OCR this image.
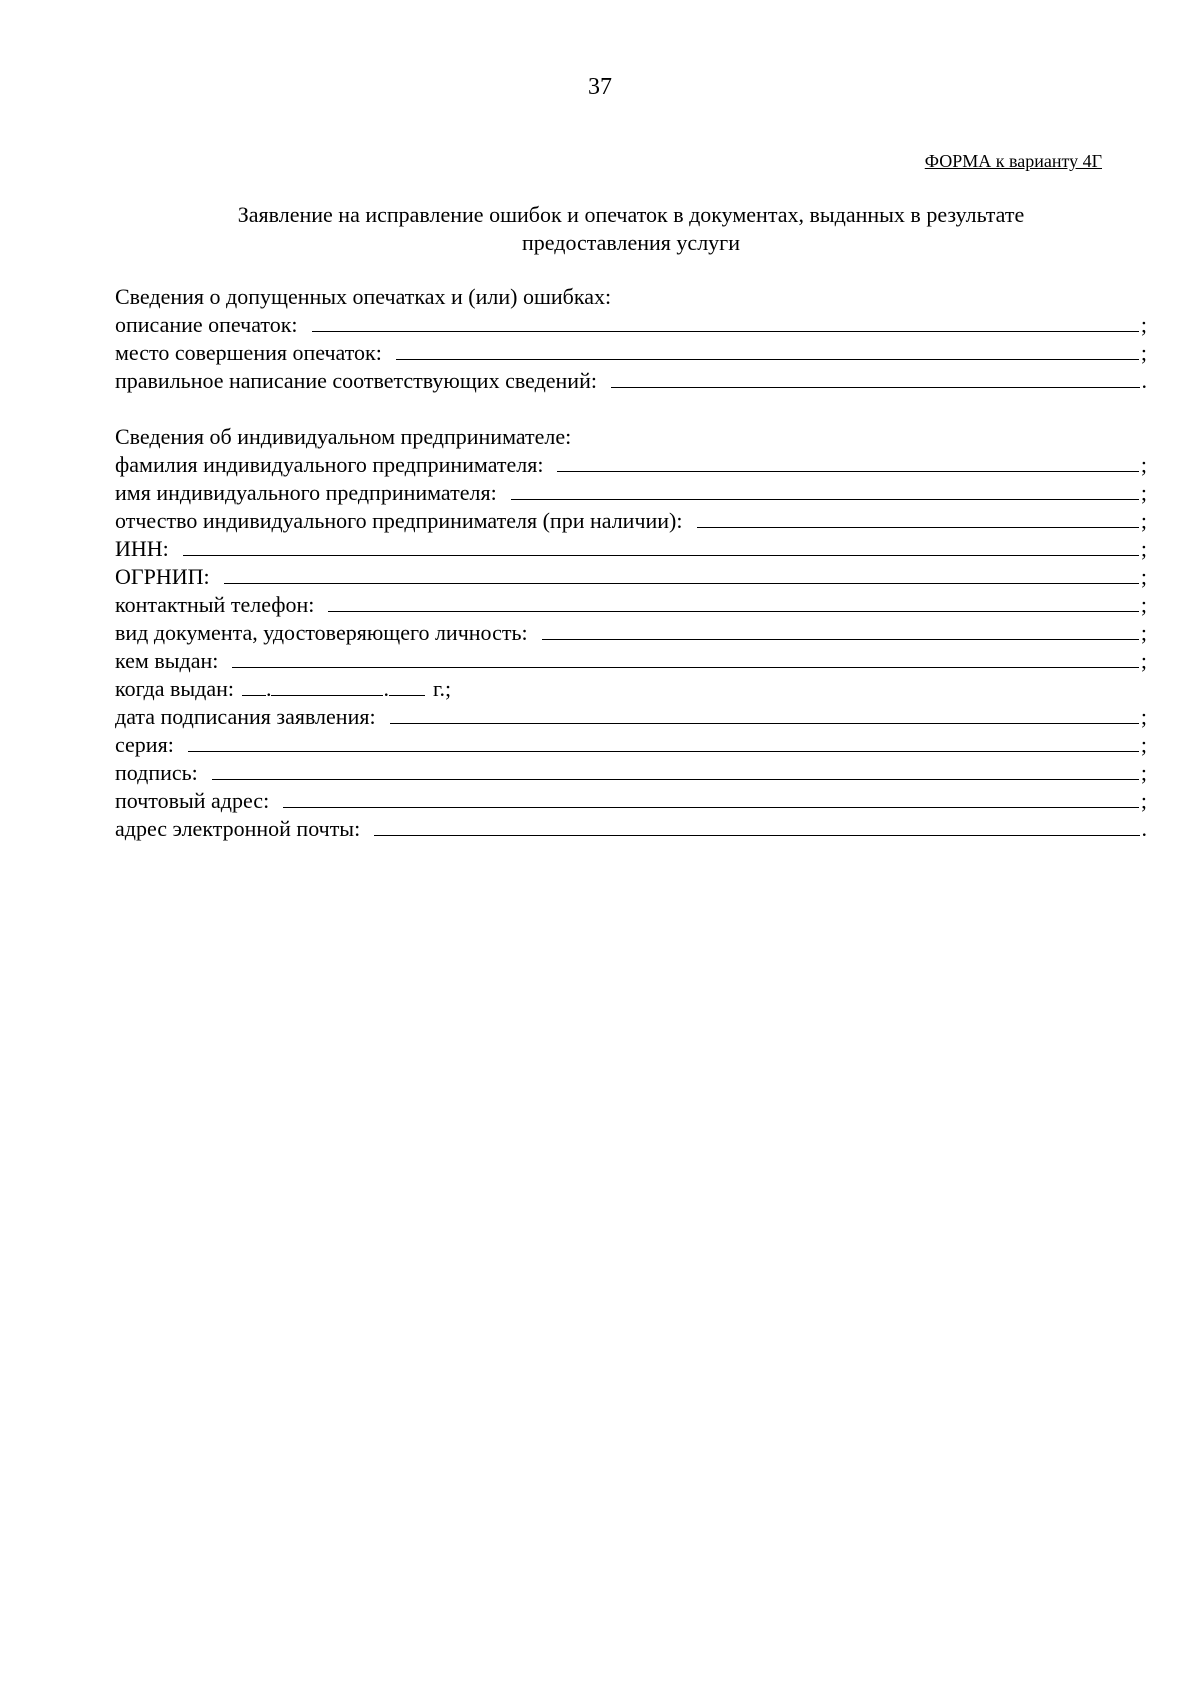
37
ФОРМА к варианту 4Г
Заявление на исправление ошибок и опечаток в документах, выданных в результате
предоставления услуги
Сведения о допущенных опечатках и (или) ошибках:
описание опечаток:	;
место совершения опечаток:	;
правильное написание соответствующих сведений:	.
Сведения об индивидуальном предпринимателе:
фамилия индивидуального предпринимателя:	;
имя индивидуального предпринимателя:	;
отчество индивидуального предпринимателя (при наличии):	;
ИНН:	;
ОГРНИП:	;
контактный телефон:	;
вид документа, удостоверяющего личность:	;
кем выдан:	;
когда выдан: .	.	г.;
дата подписания заявления:	;
серия:	;
подпись:	;
почтовый адрес:	;
адрес электронной почты:	.
